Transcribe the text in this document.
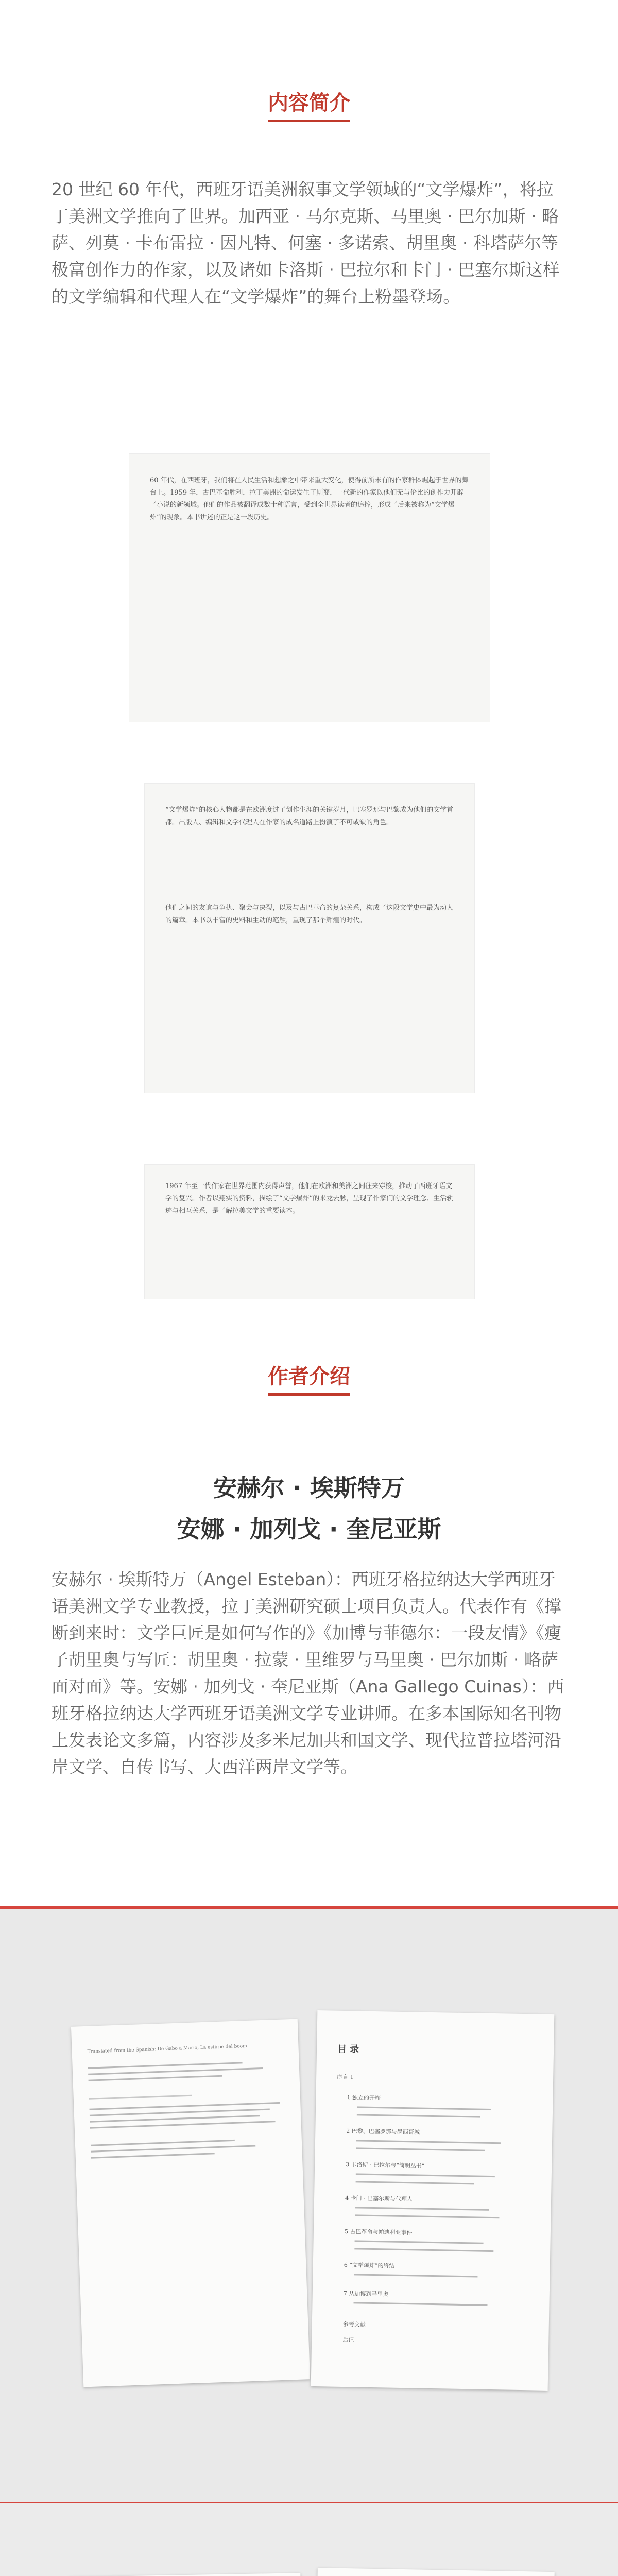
内容简介

20 世纪 60 年代，西班牙语美洲叙事文学领域的“文学爆炸”，将拉丁美洲文学推向了世界。加西亚 · 马尔克斯、马里奥 · 巴尔加斯 · 略萨、列莫 · 卡布雷拉 · 因凡特、何塞 · 多诺索、胡里奥 · 科塔萨尔等极富创作力的作家，以及诸如卡洛斯 · 巴拉尔和卡门 · 巴塞尔斯这样的文学编辑和代理人在“文学爆炸”的舞台上粉墨登场。

60 年代，在西班牙，我们将在人民生活和想象之中带来重大变化，使得前所未有的作家群体崛起于世界的舞台上。1959 年，古巴革命胜利，拉丁美洲的命运发生了剧变，一代新的作家以他们无与伦比的创作力开辟了小说的新领域。他们的作品被翻译成数十种语言，受到全世界读者的追捧，形成了后来被称为“文学爆炸”的现象。本书讲述的正是这一段历史。

“文学爆炸”的核心人物都是在欧洲度过了创作生涯的关键岁月，巴塞罗那与巴黎成为他们的文学首都。出版人、编辑和文学代理人在作家的成名道路上扮演了不可或缺的角色。

他们之间的友谊与争执、聚会与决裂，以及与古巴革命的复杂关系，构成了这段文学史中最为动人的篇章。本书以丰富的史料和生动的笔触，重现了那个辉煌的时代。

1967 年至一代作家在世界范围内获得声誉，他们在欧洲和美洲之间往来穿梭，推动了西班牙语文学的复兴。作者以翔实的资料，描绘了“文学爆炸”的来龙去脉，呈现了作家们的文学理念、生活轨迹与相互关系，是了解拉美文学的重要读本。

作者介绍
安赫尔 · 埃斯特万
安娜 · 加列戈 · 奎尼亚斯

安赫尔 · 埃斯特万（Angel Esteban）：西班牙格拉纳达大学西班牙语美洲文学专业教授，拉丁美洲研究硕士项目负责人。代表作有《撑断到来时：文学巨匠是如何写作的》《加博与菲德尔：一段友情》《瘦子胡里奥与写匠：胡里奥 · 拉蒙 · 里维罗与马里奥 · 巴尔加斯 · 略萨面对面》等。安娜 · 加列戈 · 奎尼亚斯（Ana Gallego Cuinas）：西班牙格拉纳达大学西班牙语美洲文学专业讲师。在多本国际知名刊物上发表论文多篇，内容涉及多米尼加共和国文学、现代拉普拉塔河沿岸文学、自传书写、大西洋两岸文学等。

Translated from the Spanish: De Gabo a Mario, La estirpe del boom	目 录
序言 1
1 独立的开端
2 巴黎、巴塞罗那与墨西哥城
3 卡洛斯 · 巴拉尔与“简明丛书”
4 卡门 · 巴塞尔斯与代理人
5 古巴革命与帕迪利亚事件
6 “文学爆炸”的终结
7 从加博到马里奥
参考文献
后记
